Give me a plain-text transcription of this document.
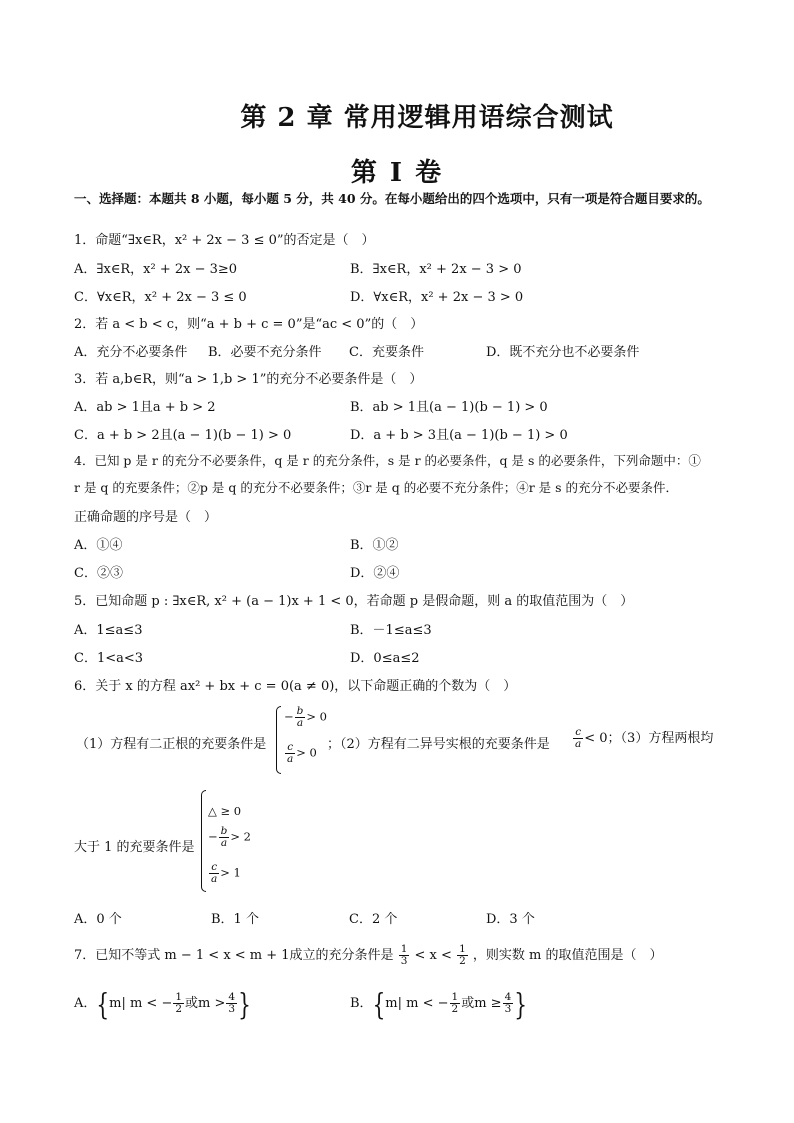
第 2 章 常用逻辑用语综合测试
第 I 卷
一、选择题：本题共 8 小题，每小题 5 分，共 40 分。在每小题给出的四个选项中，只有一项是符合题目要求的。
1．命题“∃x∈R，x² + 2x − 3 ≤ 0”的否定是（　）
A．∃x∈R，x² + 2x − 3≥0	B．∃x∈R，x² + 2x − 3 > 0
C．∀x∈R，x² + 2x − 3 ≤ 0	D．∀x∈R，x² + 2x − 3 > 0
2．若 a < b < c，则“a + b + c = 0”是“ac < 0”的（　）
A．充分不必要条件 B．必要不充分条件 C．充要条件	D．既不充分也不必要条件
3．若 a,b∈R，则“a > 1,b > 1”的充分不必要条件是（　）
A．ab > 1且a + b > 2	B．ab > 1且(a − 1)(b − 1) > 0
C．a + b > 2且(a − 1)(b − 1) > 0	D．a + b > 3且(a − 1)(b − 1) > 0
4．已知 p 是 r 的充分不必要条件，q 是 r 的充分条件，s 是 r 的必要条件，q 是 s 的必要条件，下列命题中：①
r 是 q 的充要条件；②p 是 q 的充分不必要条件；③r 是 q 的必要不充分条件；④r 是 s 的充分不必要条件．
正确命题的序号是（　）
A．①④	B．①②
C．②③	D．②④
5．已知命题 p : ∃x∈R, x² + (a − 1)x + 1 < 0，若命题 p 是假命题，则 a 的取值范围为（　）
A．1≤a≤3	B．－1≤a≤3
C．1<a<3	D．0≤a≤2
6．关于 x 的方程 ax² + bx + c = 0(a ≠ 0)，以下命题正确的个数为（　）
（1）方程有二正根的充要条件是
− $\frac{b}{a} > 0$
$\frac{c}{a} > 0$
；（2）方程有二异号实根的充要条件是 $\frac{c}{a} < 0$；（3）方程两根均
大于 1 的充要条件是
△ ≥ 0
− $\frac{b}{a} > 2$
$\frac{c}{a} > 1$
A．0 个	B．1 个	C．2 个	D．3 个
7．已知不等式 m − 1 < x < m + 1成立的充分条件是 $\frac{1}{3} < x < \frac{1}{2}$ ，则实数 m 的取值范围是（　）
A．{m| m < − $\frac{1}{2}$ 或$m > \frac{4}{3}$ }	B．{m| m < − $\frac{1}{2}$ 或$m \ge \frac{4}{3}$ }
